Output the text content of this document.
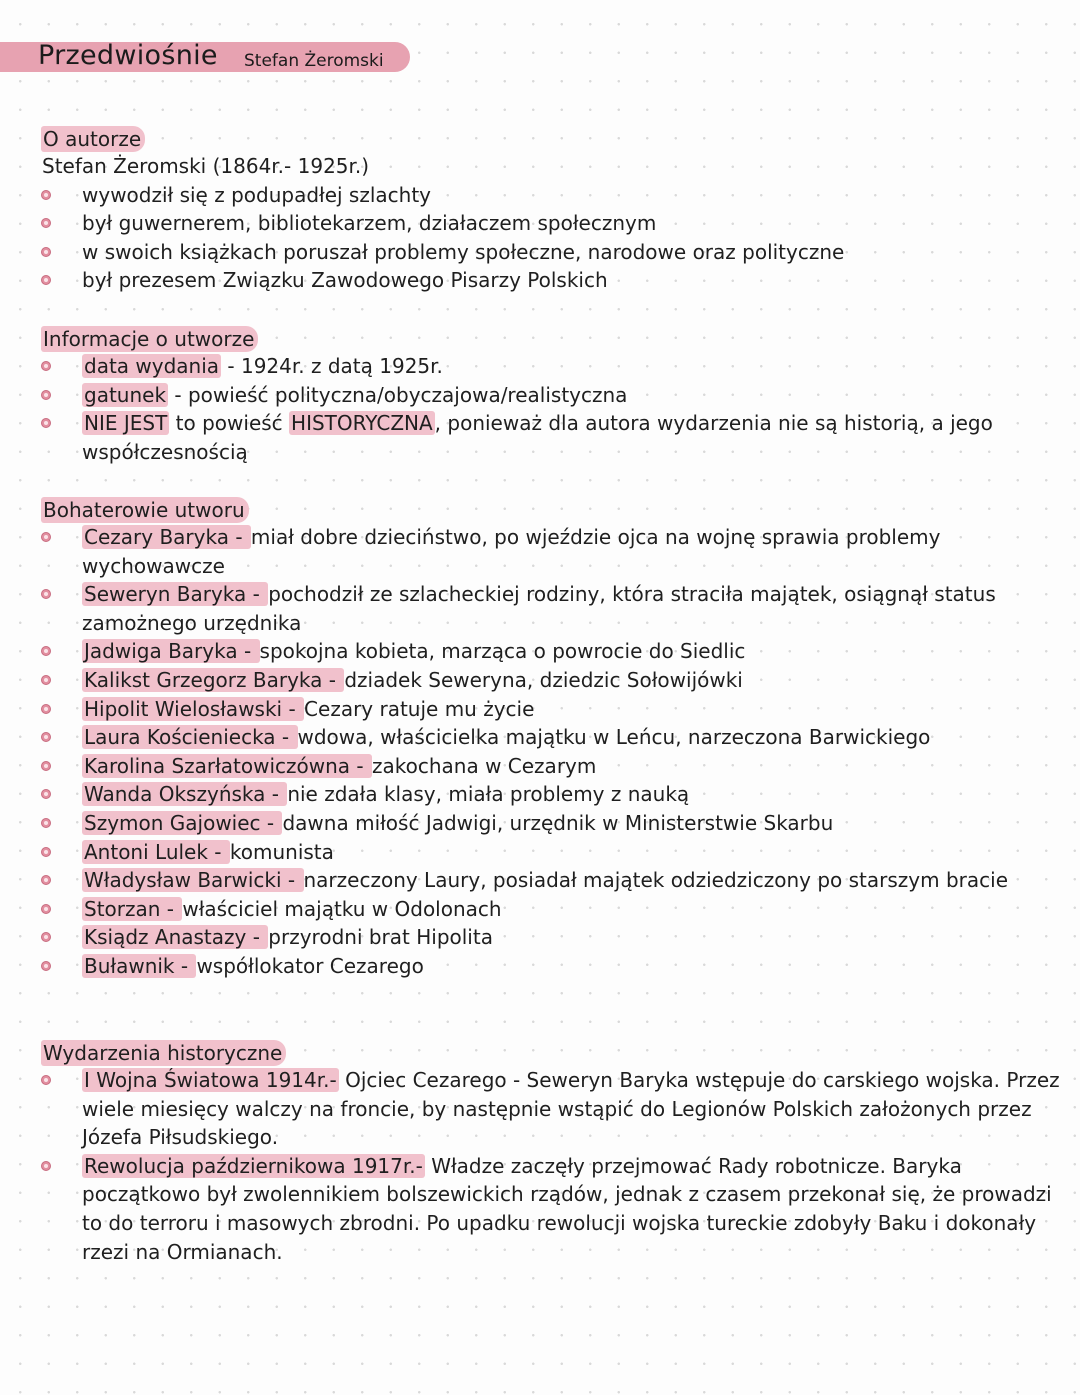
Przedwiośnie Stefan Żeromski
O autorze
Stefan Żeromski (1864r.- 1925r.)
wywodził się z podupadłej szlachty
był guwernerem, bibliotekarzem, działaczem społecznym
w swoich książkach poruszał problemy społeczne, narodowe oraz polityczne
był prezesem Związku Zawodowego Pisarzy Polskich
Informacje o utworze
data wydania - 1924r. z datą 1925r.
gatunek - powieść polityczna/obyczajowa/realistyczna
NIE JEST to powieść HISTORYCZNA , ponieważ dla autora wydarzenia nie są historią, a jego współczesnością
Bohaterowie utworu
Cezary Baryka - miał dobre dzieciństwo, po wjeździe ojca na wojnę sprawia problemy wychowawcze
Seweryn Baryka - pochodził ze szlacheckiej rodziny, która straciła majątek, osiągnął status zamożnego urzędnika
Jadwiga Baryka - spokojna kobieta, marząca o powrocie do Siedlic
Kalikst Grzegorz Baryka - dziadek Seweryna, dziedzic Sołowijówki
Hipolit Wielosławski - Cezary ratuje mu życie
Laura Kościeniecka - wdowa, właścicielka majątku w Leńcu, narzeczona Barwickiego
Karolina Szarłatowiczówna - zakochana w Cezarym
Wanda Okszyńska - nie zdała klasy, miała problemy z nauką
Szymon Gajowiec - dawna miłość Jadwigi, urzędnik w Ministerstwie Skarbu
Antoni Lulek - komunista
Władysław Barwicki - narzeczony Laury, posiadał majątek odziedziczony po starszym bracie
Storzan - właściciel majątku w Odolonach
Ksiądz Anastazy - przyrodni brat Hipolita
Buławnik - współlokator Cezarego
Wydarzenia historyczne
I Wojna Światowa 1914r.- Ojciec Cezarego - Seweryn Baryka wstępuje do carskiego wojska. Przez wiele miesięcy walczy na froncie, by następnie wstąpić do Legionów Polskich założonych przez Józefa Piłsudskiego.
Rewolucja październikowa 1917r.- Władze zaczęły przejmować Rady robotnicze. Baryka początkowo był zwolennikiem bolszewickich rządów, jednak z czasem przekonał się, że prowadzi to do terroru i masowych zbrodni. Po upadku rewolucji wojska tureckie zdobyły Baku i dokonały rzezi na Ormianach.
